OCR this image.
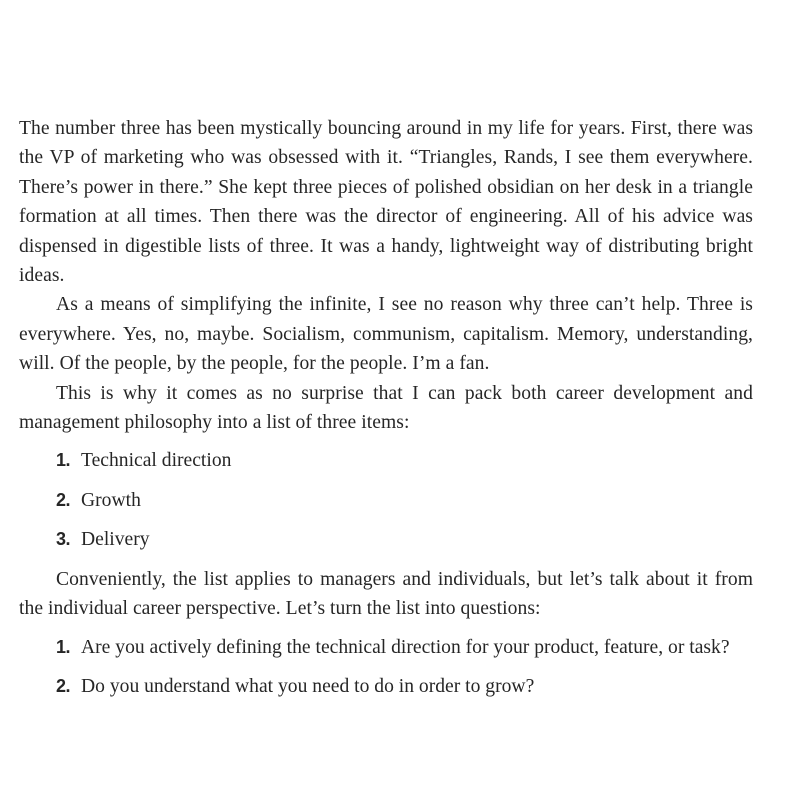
The number three has been mystically bouncing around in my life for years. First, there was the VP of marketing who was obsessed with it. “Triangles, Rands, I see them everywhere. There’s power in there.” She kept three pieces of polished obsidian on her desk in a triangle formation at all times. Then there was the director of engineering. All of his advice was dispensed in digestible lists of three. It was a handy, lightweight way of distributing bright ideas.

As a means of simplifying the infinite, I see no reason why three can’t help. Three is everywhere. Yes, no, maybe. Socialism, communism, capitalism. Memory, understanding, will. Of the people, by the people, for the people. I’m a fan.

This is why it comes as no surprise that I can pack both career development and management philosophy into a list of three items:

1. Technical direction
2. Growth
3. Delivery

Conveniently, the list applies to managers and individuals, but let’s talk about it from the individual career perspective. Let’s turn the list into questions:

1. Are you actively defining the technical direction for your product, feature, or task?
2. Do you understand what you need to do in order to grow?
